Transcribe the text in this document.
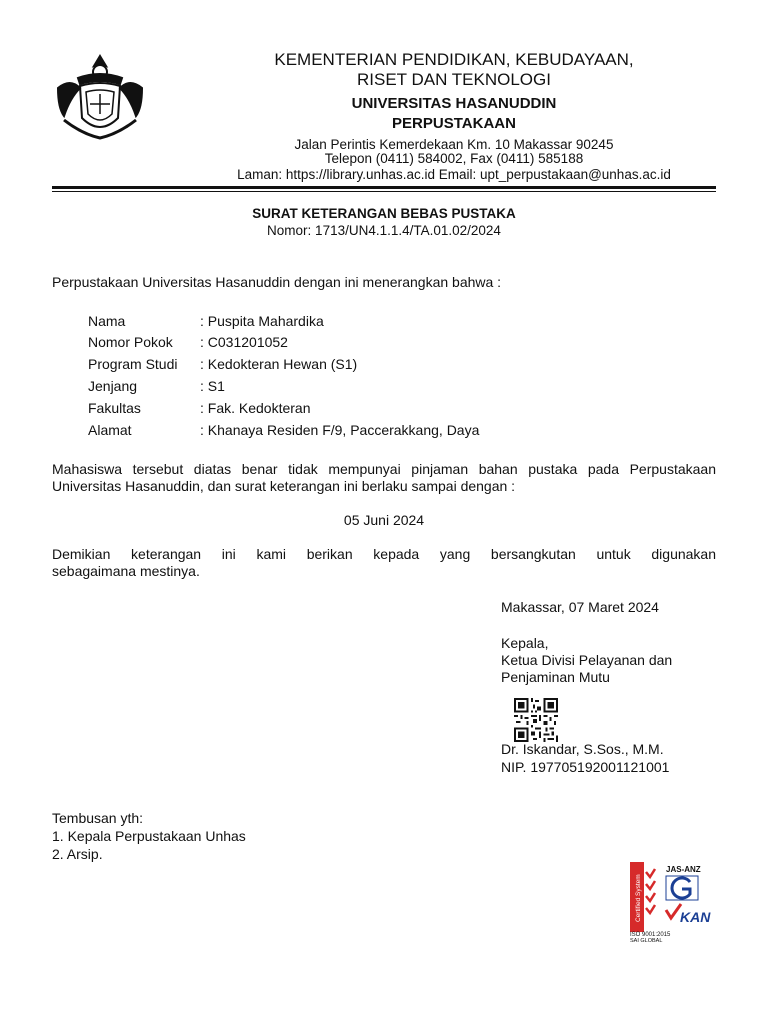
KEMENTERIAN PENDIDIKAN, KEBUDAYAAN,
RISET DAN TEKNOLOGI
UNIVERSITAS HASANUDDIN
PERPUSTAKAAN
Jalan Perintis Kemerdekaan Km. 10 Makassar 90245
Telepon (0411) 584002, Fax (0411) 585188
Laman: https://library.unhas.ac.id Email: upt_perpustakaan@unhas.ac.id
SURAT KETERANGAN BEBAS PUSTAKA
Nomor: 1713/UN4.1.1.4/TA.01.02/2024
Perpustakaan Universitas Hasanuddin dengan ini menerangkan bahwa :
Nama	: Puspita Mahardika
Nomor Pokok	: C031201052
Program Studi	: Kedokteran Hewan (S1)
Jenjang	: S1
Fakultas	: Fak. Kedokteran
Alamat	: Khanaya Residen F/9, Paccerakkang, Daya
Mahasiswa tersebut diatas benar tidak mempunyai pinjaman bahan pustaka pada Perpustakaan
Universitas Hasanuddin, dan surat keterangan ini berlaku sampai dengan :
05 Juni 2024
Demikian keterangan ini kami berikan kepada yang bersangkutan untuk digunakan
sebagaimana mestinya.
Makassar, 07 Maret 2024
Kepala,
Ketua Divisi Pelayanan dan
Penjaminan Mutu
Dr. Iskandar, S.Sos., M.M.
NIP. 197705192001121001
Tembusan yth:
1. Kepala Perpustakaan Unhas
2. Arsip.
Certified System
JAS-ANZ
KAN
ISO 9001:2015
SAI GLOBAL
